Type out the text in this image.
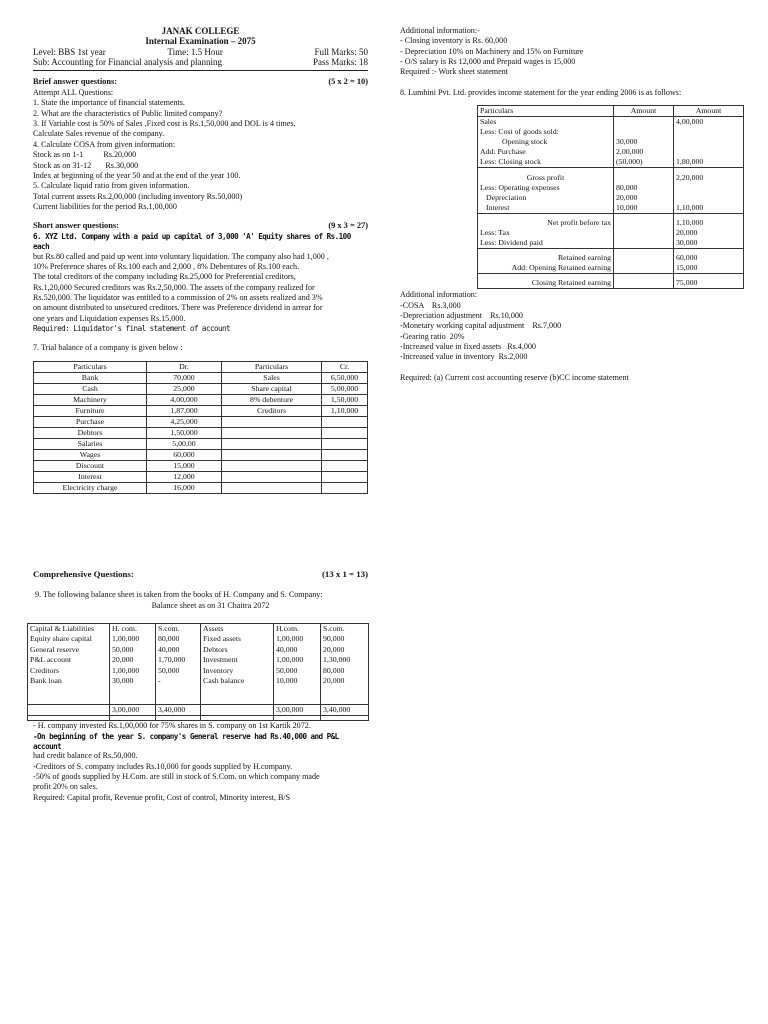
JANAK COLLEGE
Internal Examination – 2075
Level: BBS 1st year	Time: 1.5 Hour	Full Marks: 50
Sub: Accounting for Financial analysis and planning	Pass Marks: 18
Brief answer questions:	(5 x 2 = 10)

Attempt ALL Questions:

1. State the importance of financial statements.

2. What are the characteristics of Public limited company?

3. If Variable cost is 50% of Sales ,Fixed cost is Rs.1,50,000 and DOL is 4 times,

Calculate Sales revenue of the company.

4. Calculate COSA from given information:

Stock as on 1-1          Rs.20,000

Stock as on 31-12       Rs.30,000

Index at beginning of the year 50 and at the end of the year 100.

5. Calculate liquid ratio from given information.

Total current assets Rs.2,00,000 (including inventory Rs.50,000)

Current liabilities for the period Rs.1,00,000

Short answer questions:	(9 x 3 = 27)

6. XYZ Ltd. Company with a paid up capital of 3,000 'A' Equity shares of Rs.100 each

but Rs.80 called and paid up went into voluntary liquidation. The company also had 1,000 ,

10% Preference shares of Rs.100 each and 2,000 , 8% Debentures of Rs.100 each.

The total creditors of the company including Rs.25,000 for Preferential creditors,

Rs.1,20,000 Secured creditors was Rs.2,50,000. The assets of the company realized for

Rs.520,000. The liquidator was entitled to a commission of 2% on assets realized and 3%

on amount distributed to unsecured creditors. There was Preference dividend in arrear for

one years and Liquidation expenses Rs.15,000.

Required: Liquidator's final statement of account

7. Trial balance of a company is given below :

Particulars	Dr.	Particulars	Cr.
Bank	70,000	Sales	6,50,000
Cash	25,000	Share capital	5,00,000
Machinery	4,00,000	8% debenture	1,50,000
Furniture	1,87,000	Creditors	1,10,000
Purchase	4,25,000		
Debtors	1,50,000		
Salaries	5,00,00		
Wages	60,000		
Discount	15,000		
Interest	12,000		
Electricity charge	16,000		
Comprehensive Questions:	(13 x 1 = 13)

9. The following balance sheet is taken from the books of H. Company and S. Company:

Balance sheet as on 31 Chaitra 2072

Capital & Liabilities	H. com.	S.com.	Assets	H.com.	S.com.
Equity share capital	1,00,000	80,000	Fixed assets	1,00,000	90,000
General reserve	50,000	40,000	Debtors	40,000	20,000
P&L account	20,000	1,70,000	Investment	1,00,000	1,30,000
Creditors	1,00,000	50,000	Inventory	50,000	80,000
Bank loan	30,000	-	Cash balance	10,000	20,000

	3,00,000	3,40,000		3,00,000	3,40,000

- H. company invested Rs.1,00,000 for 75% shares in S. company on 1st Kartik 2072.

-On beginning of the year S. company's General reserve had Rs.40,000 and P&L account

had credit balance of Rs.50,000.

-Creditors of S. company includes Rs.10,000 for goods supplied by H.company.

-50% of goods supplied by H.Com. are still in stock of S.Com. on which company made

profit 20% on sales.

Required: Capital profit, Revenue profit, Cost of control, Minority interest, B/S

Additional information:-

- Closing inventory is Rs. 60,000

- Depreciation 10% on Machinery and 15% on Furniture

- O/S salary is Rs 12,000 and Prepaid wages is 15,000

Required :- Work sheet statement

8. Lumbini Pvt. Ltd. provides income statement for the year ending 2006 is as follows:

Particulars	Amount	Amount
Sales		4,00,000
Less: Cost of goods sold:		
Opening stock	30,000	
Add: Purchase	2,00,000	
Less: Closing stock	(50,000)	1,80,000

Gross profit		2,20,000
Less: Operating expenses	80,000	
Depreciation	20,000	
Interest	10,000	1,10,000

Net profit before tax		1,10,000
Less: Tax		20,000
Less: Dividend paid		30,000

Retained earning		60,000
Add: Opening Retained earning		15,000

Closing Retained earning		75,000

Additional information:

-COSA    Rs.3,000

-Depreciation adjustment    Rs.10,000

-Monetary working capital adjustment    Rs.7,000

-Gearing ratio  20%

-Increased value in fixed assets   Rs.4,000

-Increased value in inventory  Rs.2,000

Required: (a) Current cost accounting reserve (b)CC income statement
